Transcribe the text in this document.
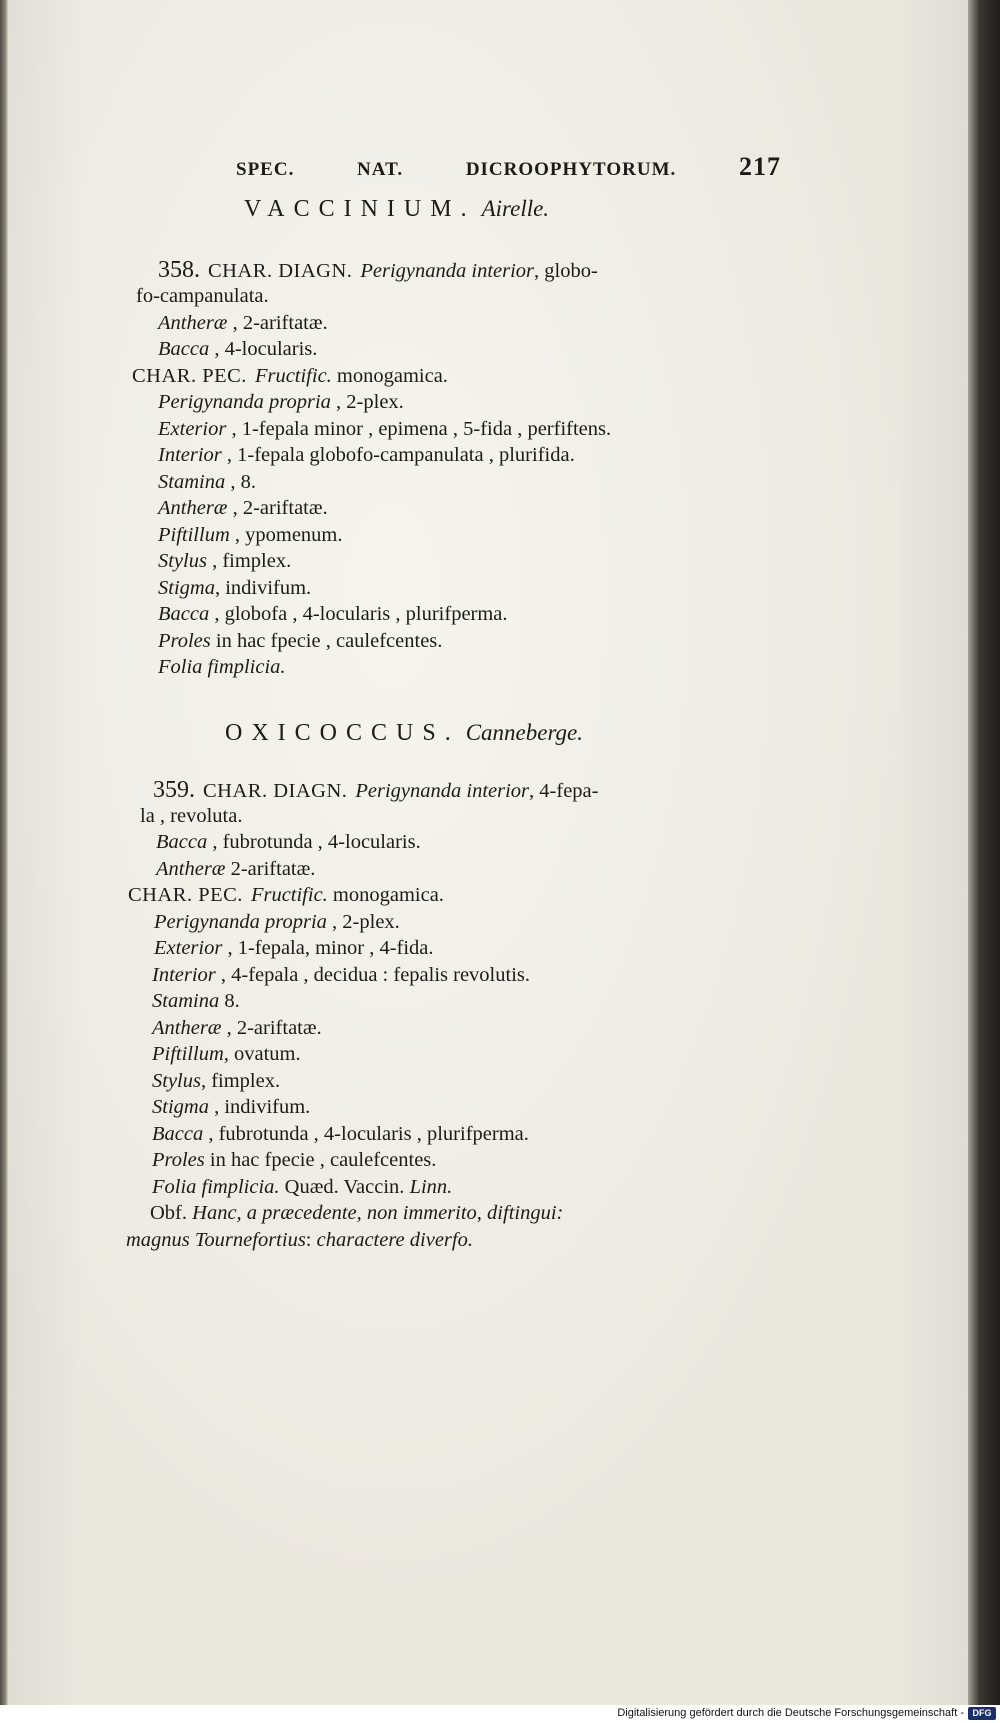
SPEC.	NAT.	DICROOPHYTORUM. 217
VACCINIUM. Airelle.
358. CHAR. DIAGN. Perigynanda interior, globo-
fo-campanulata.
Antheræ , 2-ariftatæ.
Bacca , 4-locularis.
CHAR. PEC. Fructific. monogamica.
Perigynanda propria , 2-plex.
Exterior , 1-fepala minor , epimena , 5-fida , perfiftens.
Interior , 1-fepala globofo-campanulata , plurifida.
Stamina , 8.
Antheræ , 2-ariftatæ.
Piftillum , ypomenum.
Stylus , fimplex.
Stigma, indivifum.
Bacca , globofa , 4-locularis , plurifperma.
Proles in hac fpecie , caulefcentes.
Folia fimplicia.
OXICOCCUS. Canneberge.
359. CHAR. DIAGN. Perigynanda interior, 4-fepa-
la , revoluta.
Bacca , fubrotunda , 4-locularis.
Antheræ 2-ariftatæ.
CHAR. PEC. Fructific. monogamica.
Perigynanda propria , 2-plex.
Exterior , 1-fepala, minor , 4-fida.
Interior , 4-fepala , decidua : fepalis revolutis.
Stamina 8.
Antheræ , 2-ariftatæ.
Piftillum, ovatum.
Stylus, fimplex.
Stigma , indivifum.
Bacca , fubrotunda , 4-locularis , plurifperma.
Proles in hac fpecie , caulefcentes.
Folia fimplicia. Quæd. Vaccin. Linn.
Obf. Hanc, a præcedente, non immerito, diftingui:
magnus Tournefortius: charactere diverfo.
Digitalisierung gefördert durch die Deutsche Forschungsgemeinschaft - DFG
